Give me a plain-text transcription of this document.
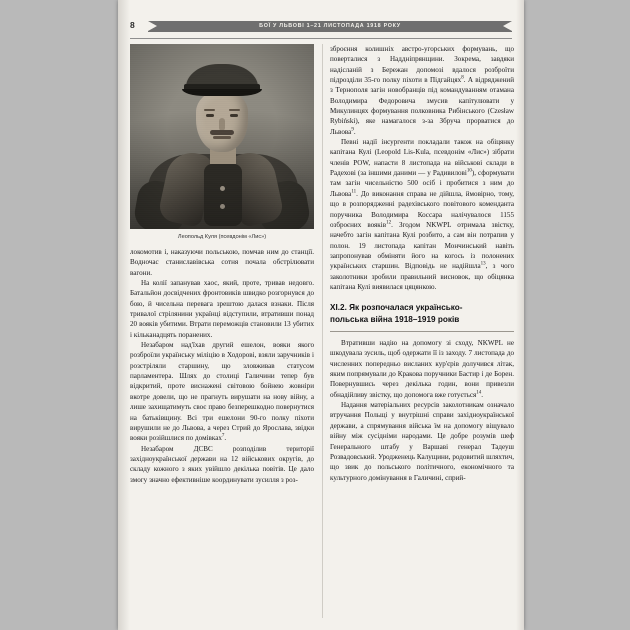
8	БОЇ У ЛЬВОВІ 1–21 ЛИСТОПАДА 1918 РОКУ
Леопольд Куля (псевдонім «Лис»)

локомотив і, наказуючи польською, помчав ним до станції. Водночас станиславівська сотня почала обстрілювати вагони.

На колії запанував хаос, який, проте, тривав недовго. Батальйон досвідчених фронтовиків швидко розгорнувся до бою, й чисельна перевага зрештою далася взнаки. Після тривалої стрілянини українці відступили, втративши понад 20 вояків убитими. Втрати переможців становили 13 убитих і кільканадцять поранених.

Незабаром над'їхав другий ешелон, вояки якого розброїли українську міліцію в Ходорові, взяли заручників і розстріляли старшину, що зловживав статусом парламентера. Шлях до столиці Галичини тепер був відкритий, проте виснажені світовою бойнею жовніри вкотре довели, що не прагнуть вирушати на нову війну, а лише захищатимуть своє право безперешкодно повернутися на батьківщину. Всі три ешелони 90-го полку піхоти вирушили не до Львова, а через Стрий до Ярослава, звідки вояки розійшлися по домівках$^7$.

Незабаром ДСВС розподілив території західноукраїнської держави на 12 військових округів, до складу кожного з яких увійшло декілька повітів. Це дало змогу значно ефективніше координувати зусилля з роз-

зброєння колишніх австро-угорських формувань, що поверталися з Наддніпрянщини. Зокрема, завдяки надісланій з Бережан допомозі вдалося розброїти підрозділи 35-го полку піхоти в Підгайцях$^8$. А відряджений з Тернополя загін новобранців під командуванням отамана Володимира Федоровича змусив капітулювати у Микулинцях формування полковника Рибінського (Czesław Rybiński), яке намагалося з-за Збруча прорватися до Львова$^9$.

Певні надії інсургенти покладали також на обіцянку капітана Кулі (Leopold Lis-Kula, псевдонім «Лис») зібрати членів POW, напасти 8 листопада на військові склади в Радехові (за іншими даними — у Радивилові$^{10}$), сформувати там загін чисельністю 500 осіб і пробитися з ним до Львова$^{11}$. До виконання справа не дійшла, ймовірно, тому, що в розпорядженні радехівського повітового коменданта поручника Володимира Коссара налічувалося 1155 озброєних вояків$^{12}$. Згодом NKWPL отримала звістку, начебто загін капітана Кулі розбито, а сам він потрапив у полон. 19 листопада капітан Мончинський навіть запропонував обміняти його на когось із полонених українських старшин. Відповідь не надійшла$^{13}$, з чого заколотники зробили правильний висновок, що обіцянка капітана Кулі виявилася цяцянкою.

XI.2. Як розпочалася українсько-
польська війна 1918–1919 років

Втративши надію на допомогу зі сходу, NKWPL не шкодувала зусиль, щоб одержати її із заходу. 7 листопада до численних попередньо висланих кур'єрів долучився літак, яким попрямували до Кракова поручники Бастир і де Борен. Повернувшись через декілька годин, вони привезли обнадійливу звістку, що допомога вже готується$^{14}$.

Надання матеріальних ресурсів заколотникам означало втручання Польщі у внутрішні справи західноукраїнської держави, а спрямування війська їм на допомогу віщувало війну між сусідніми народами. Це добре розумів шеф Генерального штабу у Варшаві генерал Тадеуш Розвадовський. Уродженець Калущини, родовитий шляхтич, що звик до польського політичного, економічного та культурного домінування в Галичині, сприй-
